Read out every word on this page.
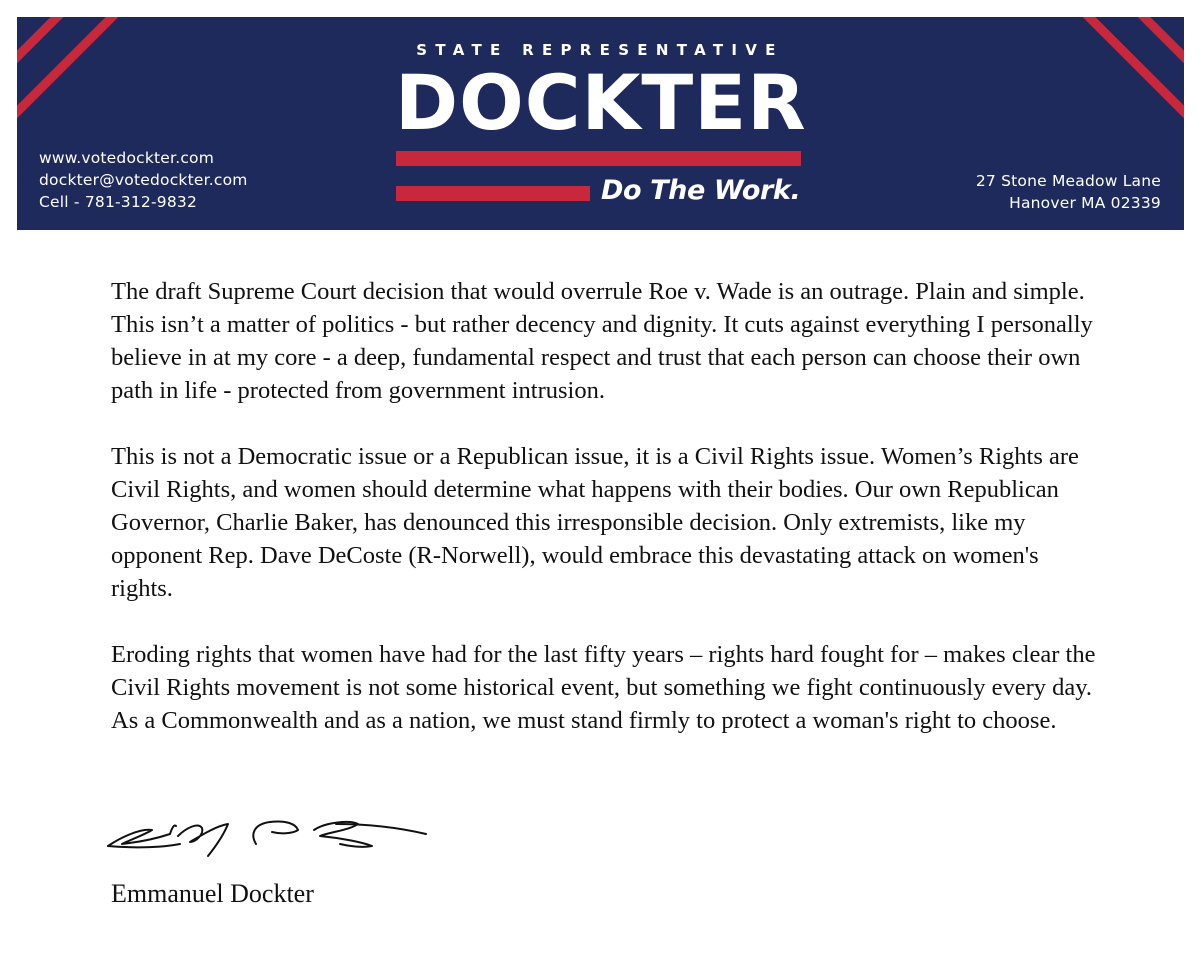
STATE REPRESENTATIVE
DOCKTER
Do The Work.
www.votedockter.com
dockter@votedockter.com
Cell - 781-312-9832
27 Stone Meadow Lane
Hanover MA 02339

The draft Supreme Court decision that would overrule Roe v. Wade is an outrage. Plain and simple. This isn’t a matter of politics - but rather decency and dignity. It cuts against everything I personally believe in at my core - a deep, fundamental respect and trust that each person can choose their own path in life - protected from government intrusion.

This is not a Democratic issue or a Republican issue, it is a Civil Rights issue. Women’s Rights are Civil Rights, and women should determine what happens with their bodies. Our own Republican Governor, Charlie Baker, has denounced this irresponsible decision. Only extremists, like my opponent Rep. Dave DeCoste (R-Norwell), would embrace this devastating attack on women's rights.

Eroding rights that women have had for the last fifty years – rights hard fought for – makes clear the Civil Rights movement is not some historical event, but something we fight continuously every day. As a Commonwealth and as a nation, we must stand firmly to protect a woman's right to choose.

Emmanuel Dockter
